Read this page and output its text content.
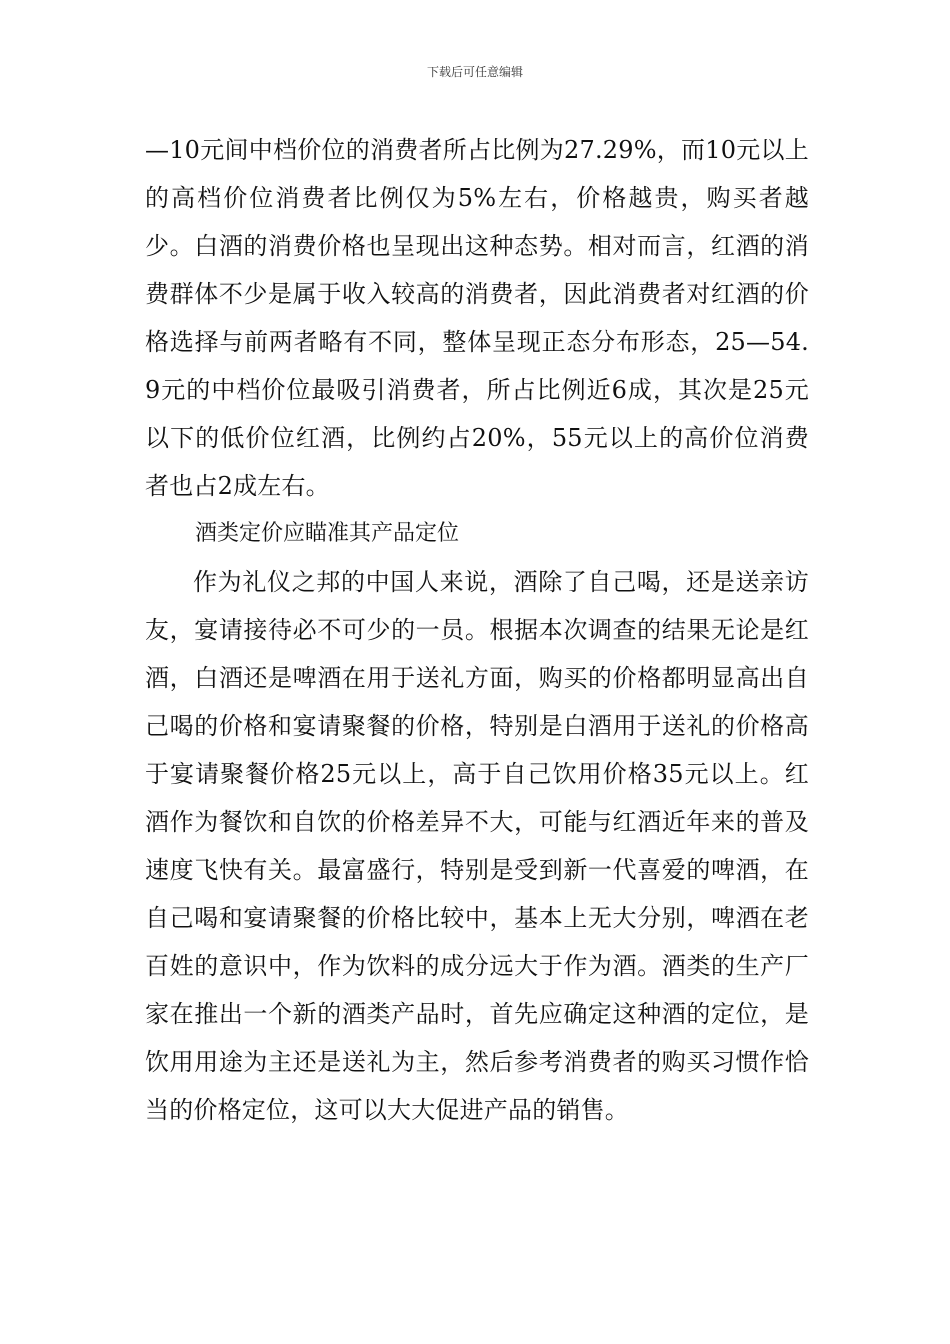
下载后可任意编辑

—10元间中档价位的消费者所占比例为27.29%，而10元以上的高档价位消费者比例仅为5%左右，价格越贵，购买者越少。白酒的消费价格也呈现出这种态势。相对而言，红酒的消费群体不少是属于收入较高的消费者，因此消费者对红酒的价格选择与前两者略有不同，整体呈现正态分布形态，25—54.9元的中档价位最吸引消费者，所占比例近6成，其次是25元以下的低价位红酒，比例约占20%，55元以上的高价位消费者也占2成左右。

酒类定价应瞄准其产品定位

作为礼仪之邦的中国人来说，酒除了自己喝，还是送亲访友，宴请接待必不可少的一员。根据本次调查的结果无论是红酒，白酒还是啤酒在用于送礼方面，购买的价格都明显高出自己喝的价格和宴请聚餐的价格，特别是白酒用于送礼的价格高于宴请聚餐价格25元以上，高于自己饮用价格35元以上。红酒作为餐饮和自饮的价格差异不大，可能与红酒近年来的普及速度飞快有关。最富盛行，特别是受到新一代喜爱的啤酒，在自己喝和宴请聚餐的价格比较中，基本上无大分别，啤酒在老百姓的意识中，作为饮料的成分远大于作为酒。酒类的生产厂家在推出一个新的酒类产品时，首先应确定这种酒的定位，是饮用用途为主还是送礼为主，然后参考消费者的购买习惯作恰当的价格定位，这可以大大促进产品的销售。
